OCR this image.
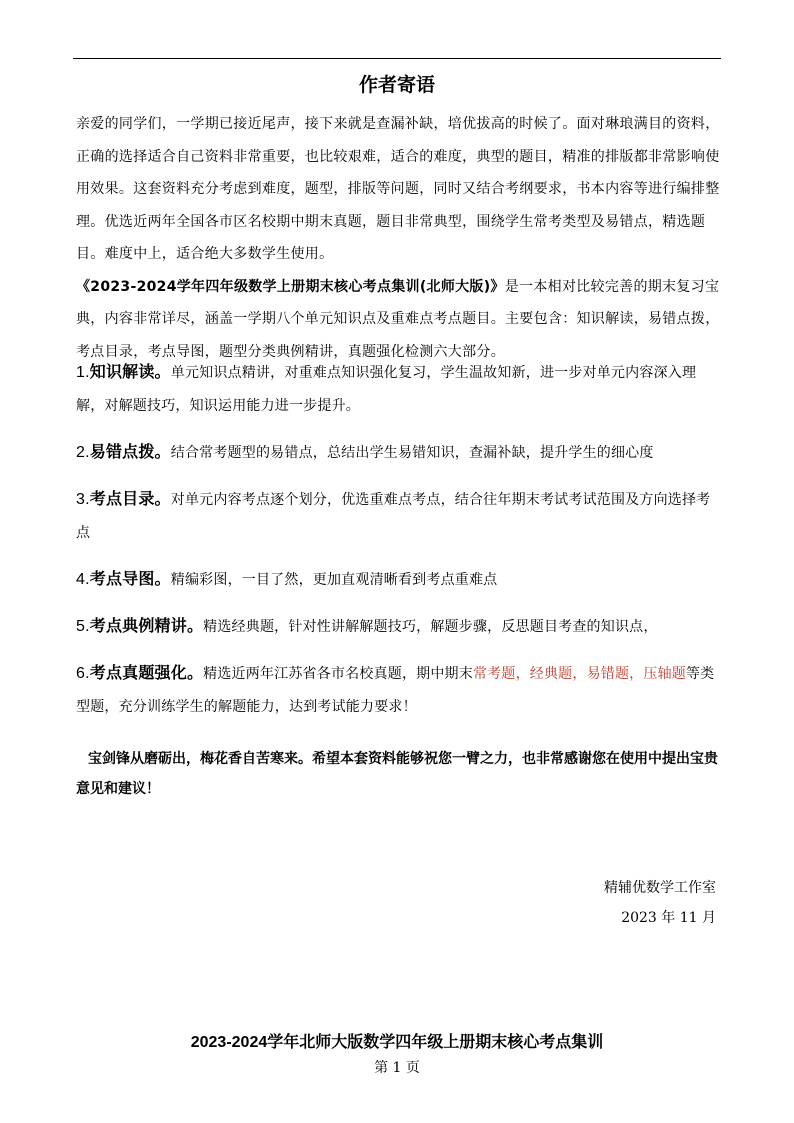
作者寄语

亲爱的同学们，一学期已接近尾声，接下来就是查漏补缺，培优拔高的时候了。面对琳琅满目的资料，正确的选择适合自己资料非常重要，也比较艰难，适合的难度，典型的题目，精准的排版都非常影响使用效果。这套资料充分考虑到难度，题型，排版等问题，同时又结合考纲要求，书本内容等进行编排整理。优选近两年全国各市区名校期中期末真题，题目非常典型，围绕学生常考类型及易错点，精选题目。难度中上，适合绝大多数学生使用。

《2023-2024学年四年级数学上册期末核心考点集训(北师大版)》是一本相对比较完善的期末复习宝典，内容非常详尽，涵盖一学期八个单元知识点及重难点考点题目。主要包含：知识解读，易错点拨，考点目录，考点导图，题型分类典例精讲，真题强化检测六大部分。

1.知识解读。单元知识点精讲，对重难点知识强化复习，学生温故知新，进一步对单元内容深入理解，对解题技巧，知识运用能力进一步提升。

2.易错点拨。结合常考题型的易错点，总结出学生易错知识，查漏补缺，提升学生的细心度

3.考点目录。对单元内容考点逐个划分，优选重难点考点，结合往年期末考试考试范围及方向选择考点

4.考点导图。精编彩图，一目了然，更加直观清晰看到考点重难点

5.考点典例精讲。精选经典题，针对性讲解解题技巧，解题步骤，反思题目考查的知识点，

6.考点真题强化。精选近两年江苏省各市名校真题，期中期末常考题，经典题，易错题，压轴题等类型题，充分训练学生的解题能力，达到考试能力要求！

宝剑锋从磨砺出，梅花香自苦寒来。希望本套资料能够祝您一臂之力，也非常感谢您在使用中提出宝贵意见和建议！

精辅优数学工作室
2023 年 11 月
2023-2024学年北师大版数学四年级上册期末核心考点集训
第 1 页
